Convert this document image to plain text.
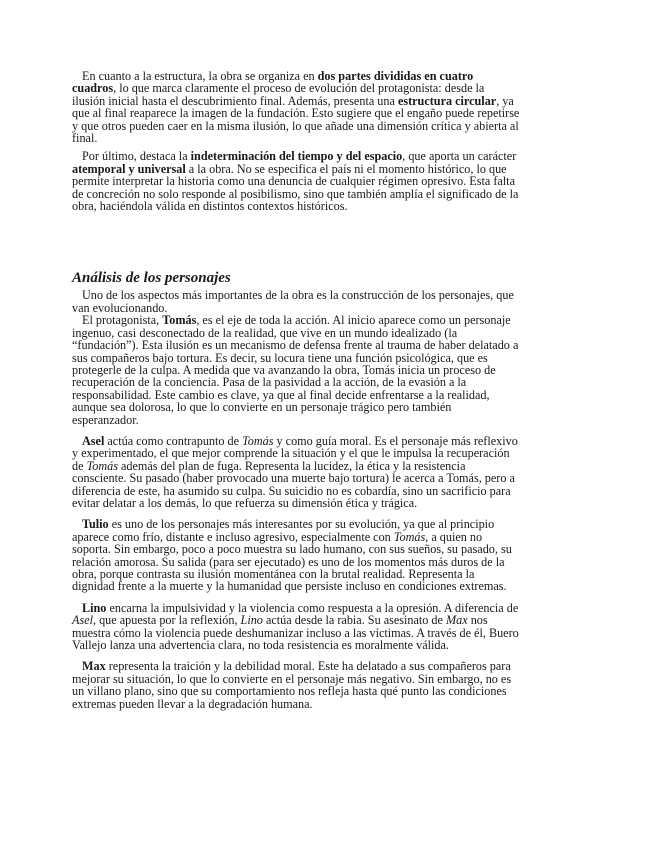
En cuanto a la estructura, la obra se organiza en dos partes divididas en cuatro cuadros, lo que marca claramente el proceso de evolución del protagonista: desde la ilusión inicial hasta el descubrimiento final. Además, presenta una estructura circular, ya que al final reaparece la imagen de la fundación. Esto sugiere que el engaño puede repetirse y que otros pueden caer en la misma ilusión, lo que añade una dimensión crítica y abierta al final.

Por último, destaca la indeterminación del tiempo y del espacio, que aporta un carácter atemporal y universal a la obra. No se especifica el país ni el momento histórico, lo que permite interpretar la historia como una denuncia de cualquier régimen opresivo. Esta falta de concreción no solo responde al posibilismo, sino que también amplía el significado de la obra, haciéndola válida en distintos contextos históricos.

Análisis de los personajes

Uno de los aspectos más importantes de la obra es la construcción de los personajes, que van evolucionando.

El protagonista, Tomás, es el eje de toda la acción. Al inicio aparece como un personaje ingenuo, casi desconectado de la realidad, que vive en un mundo idealizado (la “fundación”). Esta ilusión es un mecanismo de defensa frente al trauma de haber delatado a sus compañeros bajo tortura. Es decir, su locura tiene una función psicológica, que es protegerle de la culpa. A medida que va avanzando la obra, Tomás inicia un proceso de recuperación de la conciencia. Pasa de la pasividad a la acción, de la evasión a la responsabilidad. Este cambio es clave, ya que al final decide enfrentarse a la realidad, aunque sea dolorosa, lo que lo convierte en un personaje trágico pero también esperanzador.

Asel actúa como contrapunto de Tomás y como guía moral. Es el personaje más reflexivo y experimentado, el que mejor comprende la situación y el que le impulsa la recuperación de Tomás además del plan de fuga. Representa la lucidez, la ética y la resistencia consciente. Su pasado (haber provocado una muerte bajo tortura) le acerca a Tomás, pero a diferencia de este, ha asumido su culpa. Su suicidio no es cobardía, sino un sacrificio para evitar delatar a los demás, lo que refuerza su dimensión ética y trágica.

Tulio es uno de los personajes más interesantes por su evolución, ya que al principio aparece como frío, distante e incluso agresivo, especialmente con Tomás, a quien no soporta. Sin embargo, poco a poco muestra su lado humano, con sus sueños, su pasado, su relación amorosa. Su salida (para ser ejecutado) es uno de los momentos más duros de la obra, porque contrasta su ilusión momentánea con la brutal realidad. Representa la dignidad frente a la muerte y la humanidad que persiste incluso en condiciones extremas.

Lino encarna la impulsividad y la violencia como respuesta a la opresión. A diferencia de Asel, que apuesta por la reflexión, Lino actúa desde la rabia. Su asesinato de Max nos muestra cómo la violencia puede deshumanizar incluso a las víctimas. A través de él, Buero Vallejo lanza una advertencia clara, no toda resistencia es moralmente válida.

Max representa la traición y la debilidad moral. Este ha delatado a sus compañeros para mejorar su situación, lo que lo convierte en el personaje más negativo. Sin embargo, no es un villano plano, sino que su comportamiento nos refleja hasta qué punto las condiciones extremas pueden llevar a la degradación humana.
